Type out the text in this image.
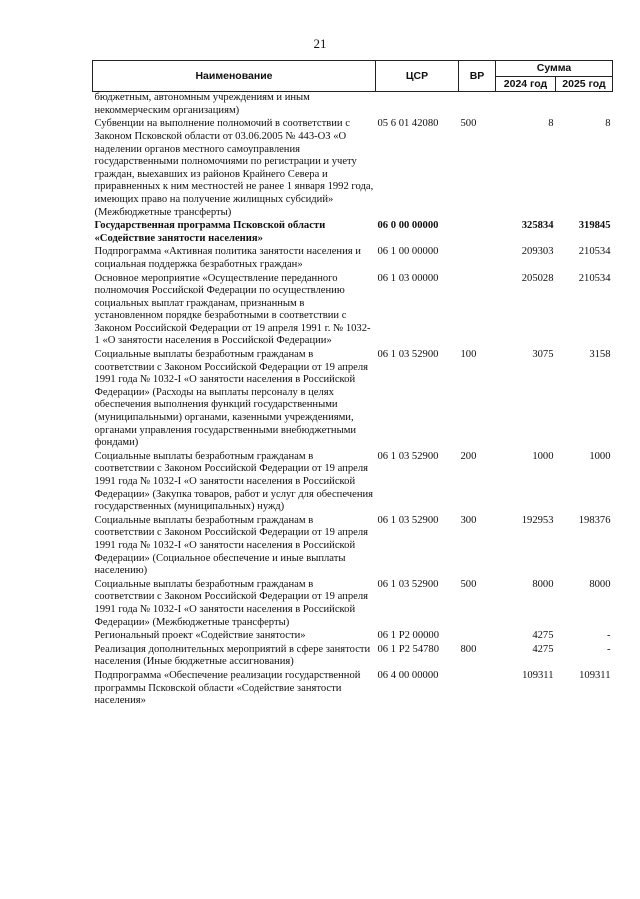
21
Наименование	ЦСР	ВР	Сумма	
			2024 год	2025 год
бюджетным, автономным учреждениям и иным некоммерческим организациям)				
Субвенции на выполнение полномочий в соответствии с Законом Псковской области от 03.06.2005 № 443-ОЗ «О наделении органов местного самоуправления государственными полномочиями по регистрации и учету граждан, выехавших из районов Крайнего Севера и приравненных к ним местностей не ранее 1 января 1992 года, имеющих право на получение жилищных субсидий» (Межбюджетные трансферты)	05 6 01 42080	500	8	8
Государственная программа Псковской области «Содействие занятости населения»	06 0 00 00000		325834	319845
Подпрограмма «Активная политика занятости населения и социальная поддержка безработных граждан»	06 1 00 00000		209303	210534
Основное мероприятие «Осуществление переданного полномочия Российской Федерации по осуществлению социальных выплат гражданам, признанным в установленном порядке безработными в соответствии с Законом Российской Федерации от 19 апреля 1991 г. № 1032-1 «О занятости населения в Российской Федерации»	06 1 03 00000		205028	210534
Социальные выплаты безработным гражданам в соответствии с Законом Российской Федерации от 19 апреля 1991 года № 1032-I «О занятости населения в Российской Федерации» (Расходы на выплаты персоналу в целях обеспечения выполнения функций государственными (муниципальными) органами, казенными учреждениями, органами управления государственными внебюджетными фондами)	06 1 03 52900	100	3075	3158
Социальные выплаты безработным гражданам в соответствии с Законом Российской Федерации от 19 апреля 1991 года № 1032-I «О занятости населения в Российской Федерации» (Закупка товаров, работ и услуг для обеспечения государственных (муниципальных) нужд)	06 1 03 52900	200	1000	1000
Социальные выплаты безработным гражданам в соответствии с Законом Российской Федерации от 19 апреля 1991 года № 1032-I «О занятости населения в Российской Федерации» (Социальное обеспечение и иные выплаты населению)	06 1 03 52900	300	192953	198376
Социальные выплаты безработным гражданам в соответствии с Законом Российской Федерации от 19 апреля 1991 года № 1032-I «О занятости населения в Российской Федерации» (Межбюджетные трансферты)	06 1 03 52900	500	8000	8000
Региональный проект «Содействие занятости»	06 1 P2 00000		4275	-
Реализация дополнительных мероприятий в сфере занятости населения (Иные бюджетные ассигнования)	06 1 P2 54780	800	4275	-
Подпрограмма «Обеспечение реализации государственной программы Псковской области «Содействие занятости населения»	06 4 00 00000		109311	109311
